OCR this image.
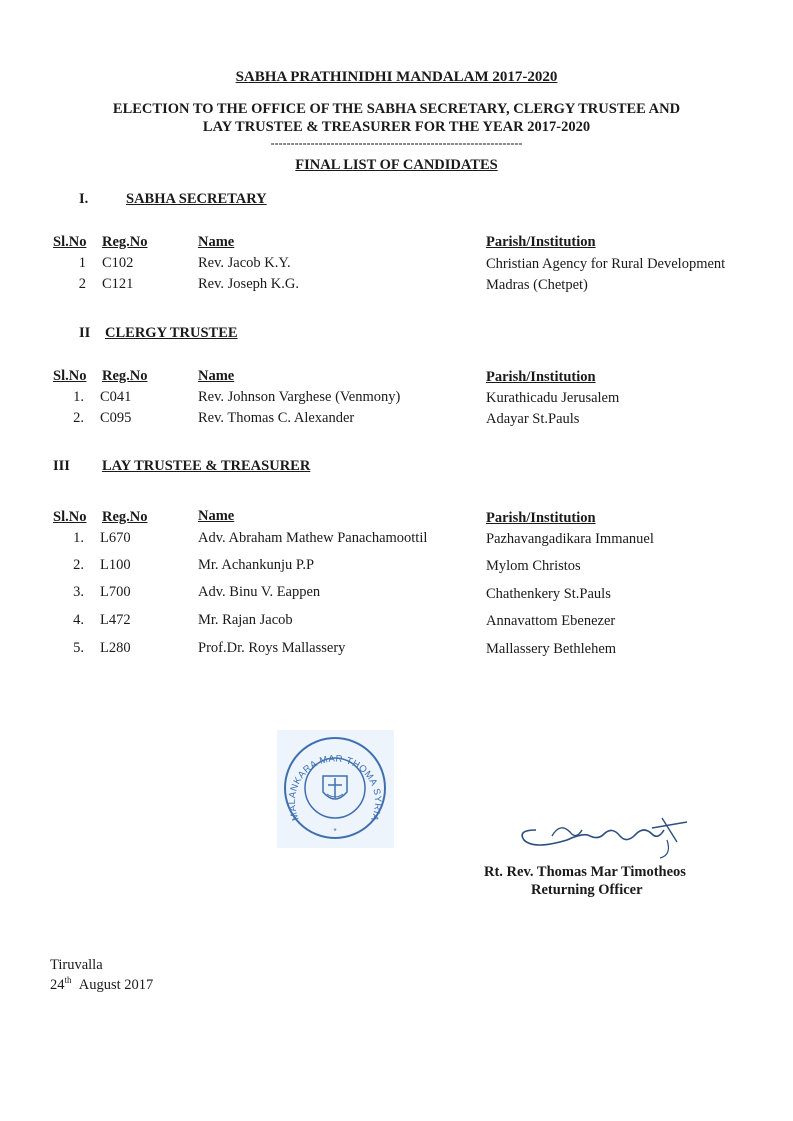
SABHA PRATHINIDHI MANDALAM 2017-2020
ELECTION TO THE OFFICE OF THE SABHA SECRETARY, CLERGY TRUSTEE AND
LAY TRUSTEE & TREASURER FOR THE YEAR 2017-2020
---------------------------------------------------------------
FINAL LIST OF CANDIDATES
I.	SABHA SECRETARY
Sl.No Reg.No	Name	Parish/Institution
1 C102	Rev. Jacob K.Y.	Christian Agency for Rural Development
2 C121	Rev. Joseph K.G.	Madras (Chetpet)
II CLERGY TRUSTEE
Sl.No Reg.No	Name	Parish/Institution
1. C041	Rev. Johnson Varghese (Venmony)	Kurathicadu Jerusalem
2. C095	Rev. Thomas C. Alexander	Adayar St.Pauls
III LAY TRUSTEE & TREASURER
Sl.No Reg.No	Name	Parish/Institution
1. L670	Adv. Abraham Mathew Panachamoottil	Pazhavangadikara Immanuel
2. L100	Mr. Achankunju P.P	Mylom Christos
3. L700	Adv. Binu V. Eappen	Chathenkery St.Pauls
4. L472	Mr. Rajan Jacob	Annavattom Ebenezer
5. L280	Prof.Dr. Roys Mallassery	Mallassery Bethlehem
MALANKARA MAR THOMA SYRIA
*
Rt. Rev. Thomas Mar Timotheos
Returning Officer
Tiruvalla
24th August 2017
